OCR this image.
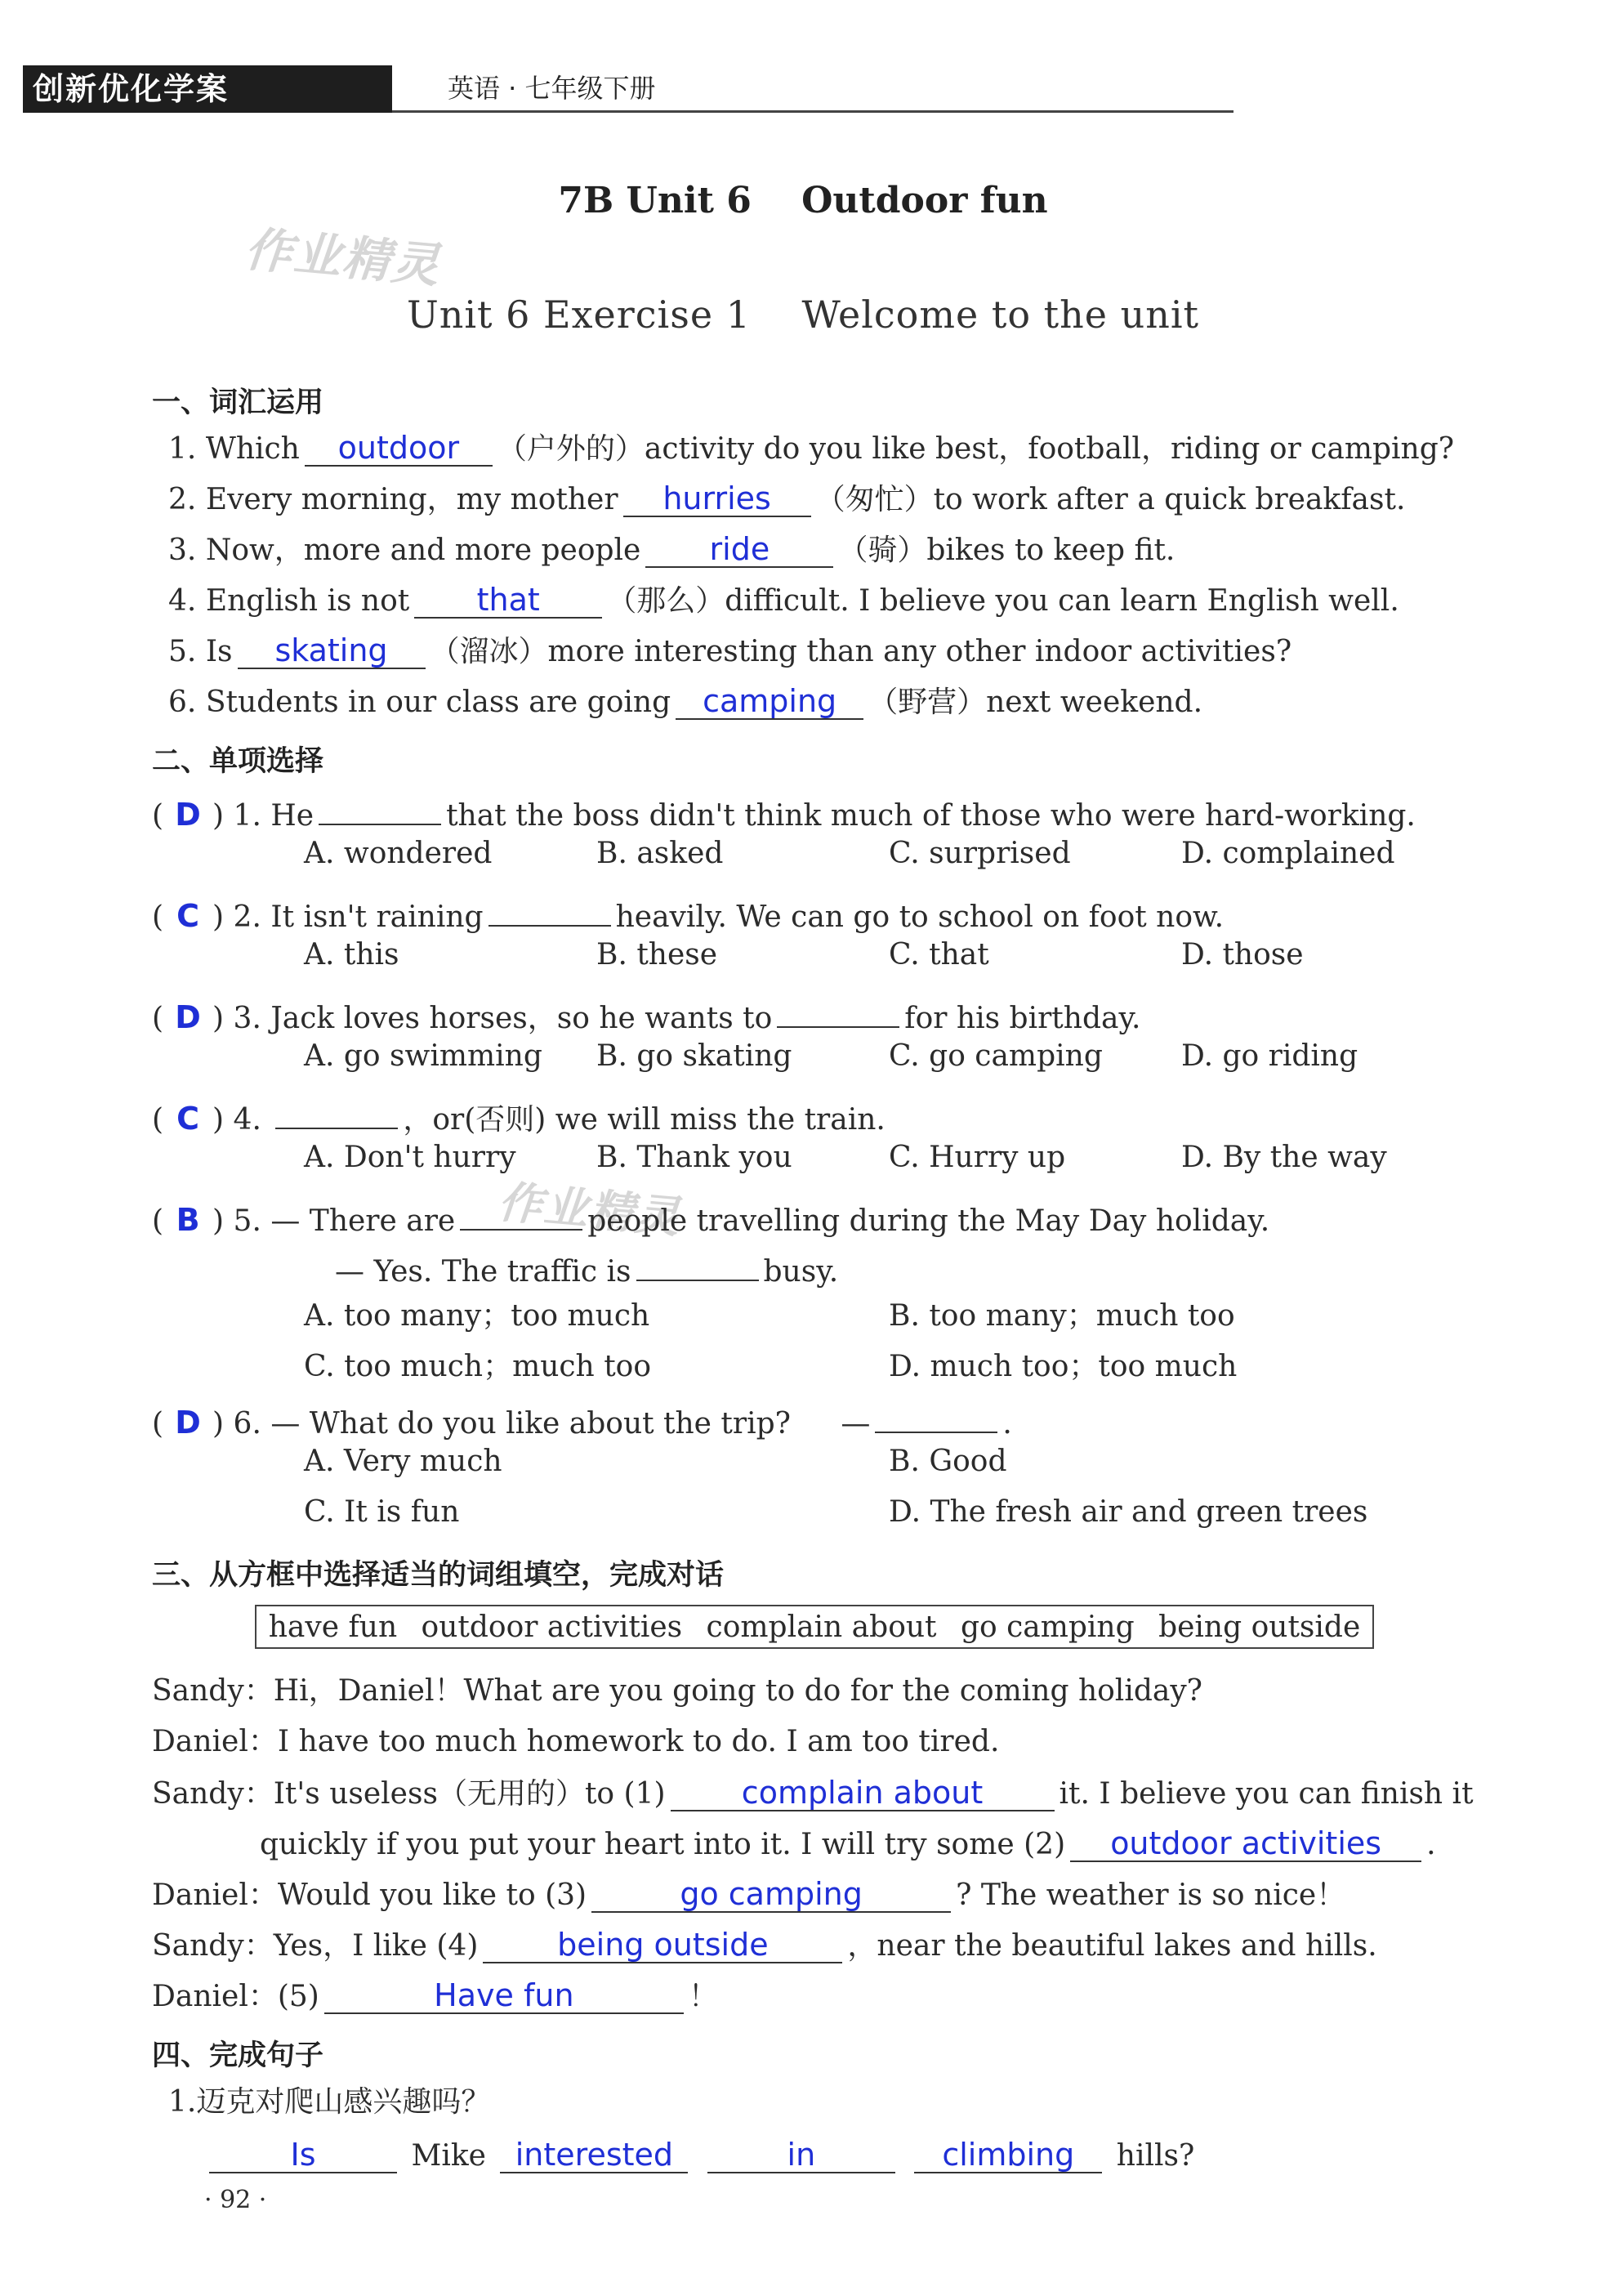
创新优化学案	英语 · 七年级下册
7B Unit 6    Outdoor fun
Unit 6 Exercise 1    Welcome to the unit
作业精灵
作业精灵
一、词汇运用
1. Which outdoor （户外的）activity do you like best，football，riding or camping?
2. Every morning，my mother hurries （匆忙）to work after a quick breakfast.
3. Now，more and more people ride （骑）bikes to keep fit.
4. English is not that （那么）difficult. I believe you can learn English well.
5. Is skating （溜冰）more interesting than any other indoor activities?
6. Students in our class are going camping （野营）next weekend.
二、单项选择
( D ) 1. He	that the boss didn't think much of those who were hard-working.
A. wondered	B. asked	C. surprised	D. complained
( C ) 2. It isn't raining	heavily. We can go to school on foot now.
A. this	B. these	C. that	D. those
( D ) 3. Jack loves horses，so he wants to	for his birthday.
A. go swimming B. go skating	C. go camping	D. go riding
( C ) 4.	，or(否则) we will miss the train.
A. Don't hurry	B. Thank you	C. Hurry up	D. By the way
( B ) 5. — There are	people travelling during the May Day holiday.
— Yes. The traffic is	busy.
A. too many；too much	B. too many；much too
C. too much；much too	D. much too；too much
( D ) 6. — What do you like about the trip? —	.
A. Very much	B. Good
C. It is fun	D. The fresh air and green trees
三、从方框中选择适当的词组填空，完成对话
have fun outdoor activities complain about go camping being outside
Sandy：Hi，Daniel！What are you going to do for the coming holiday?
Daniel：I have too much homework to do. I am too tired.
Sandy：It's useless（无用的）to (1) complain about	it. I believe you can finish it
quickly if you put your heart into it. I will try some (2) outdoor activities .
Daniel：Would you like to (3)	go camping	? The weather is so nice！
Sandy：Yes，I like (4)	being outside	，near the beautiful lakes and hills.
Daniel：(5)	Have fun	！
四、完成句子
1.迈克对爬山感兴趣吗？
Is	Mike interested	in	climbing hills?
· 92 ·
